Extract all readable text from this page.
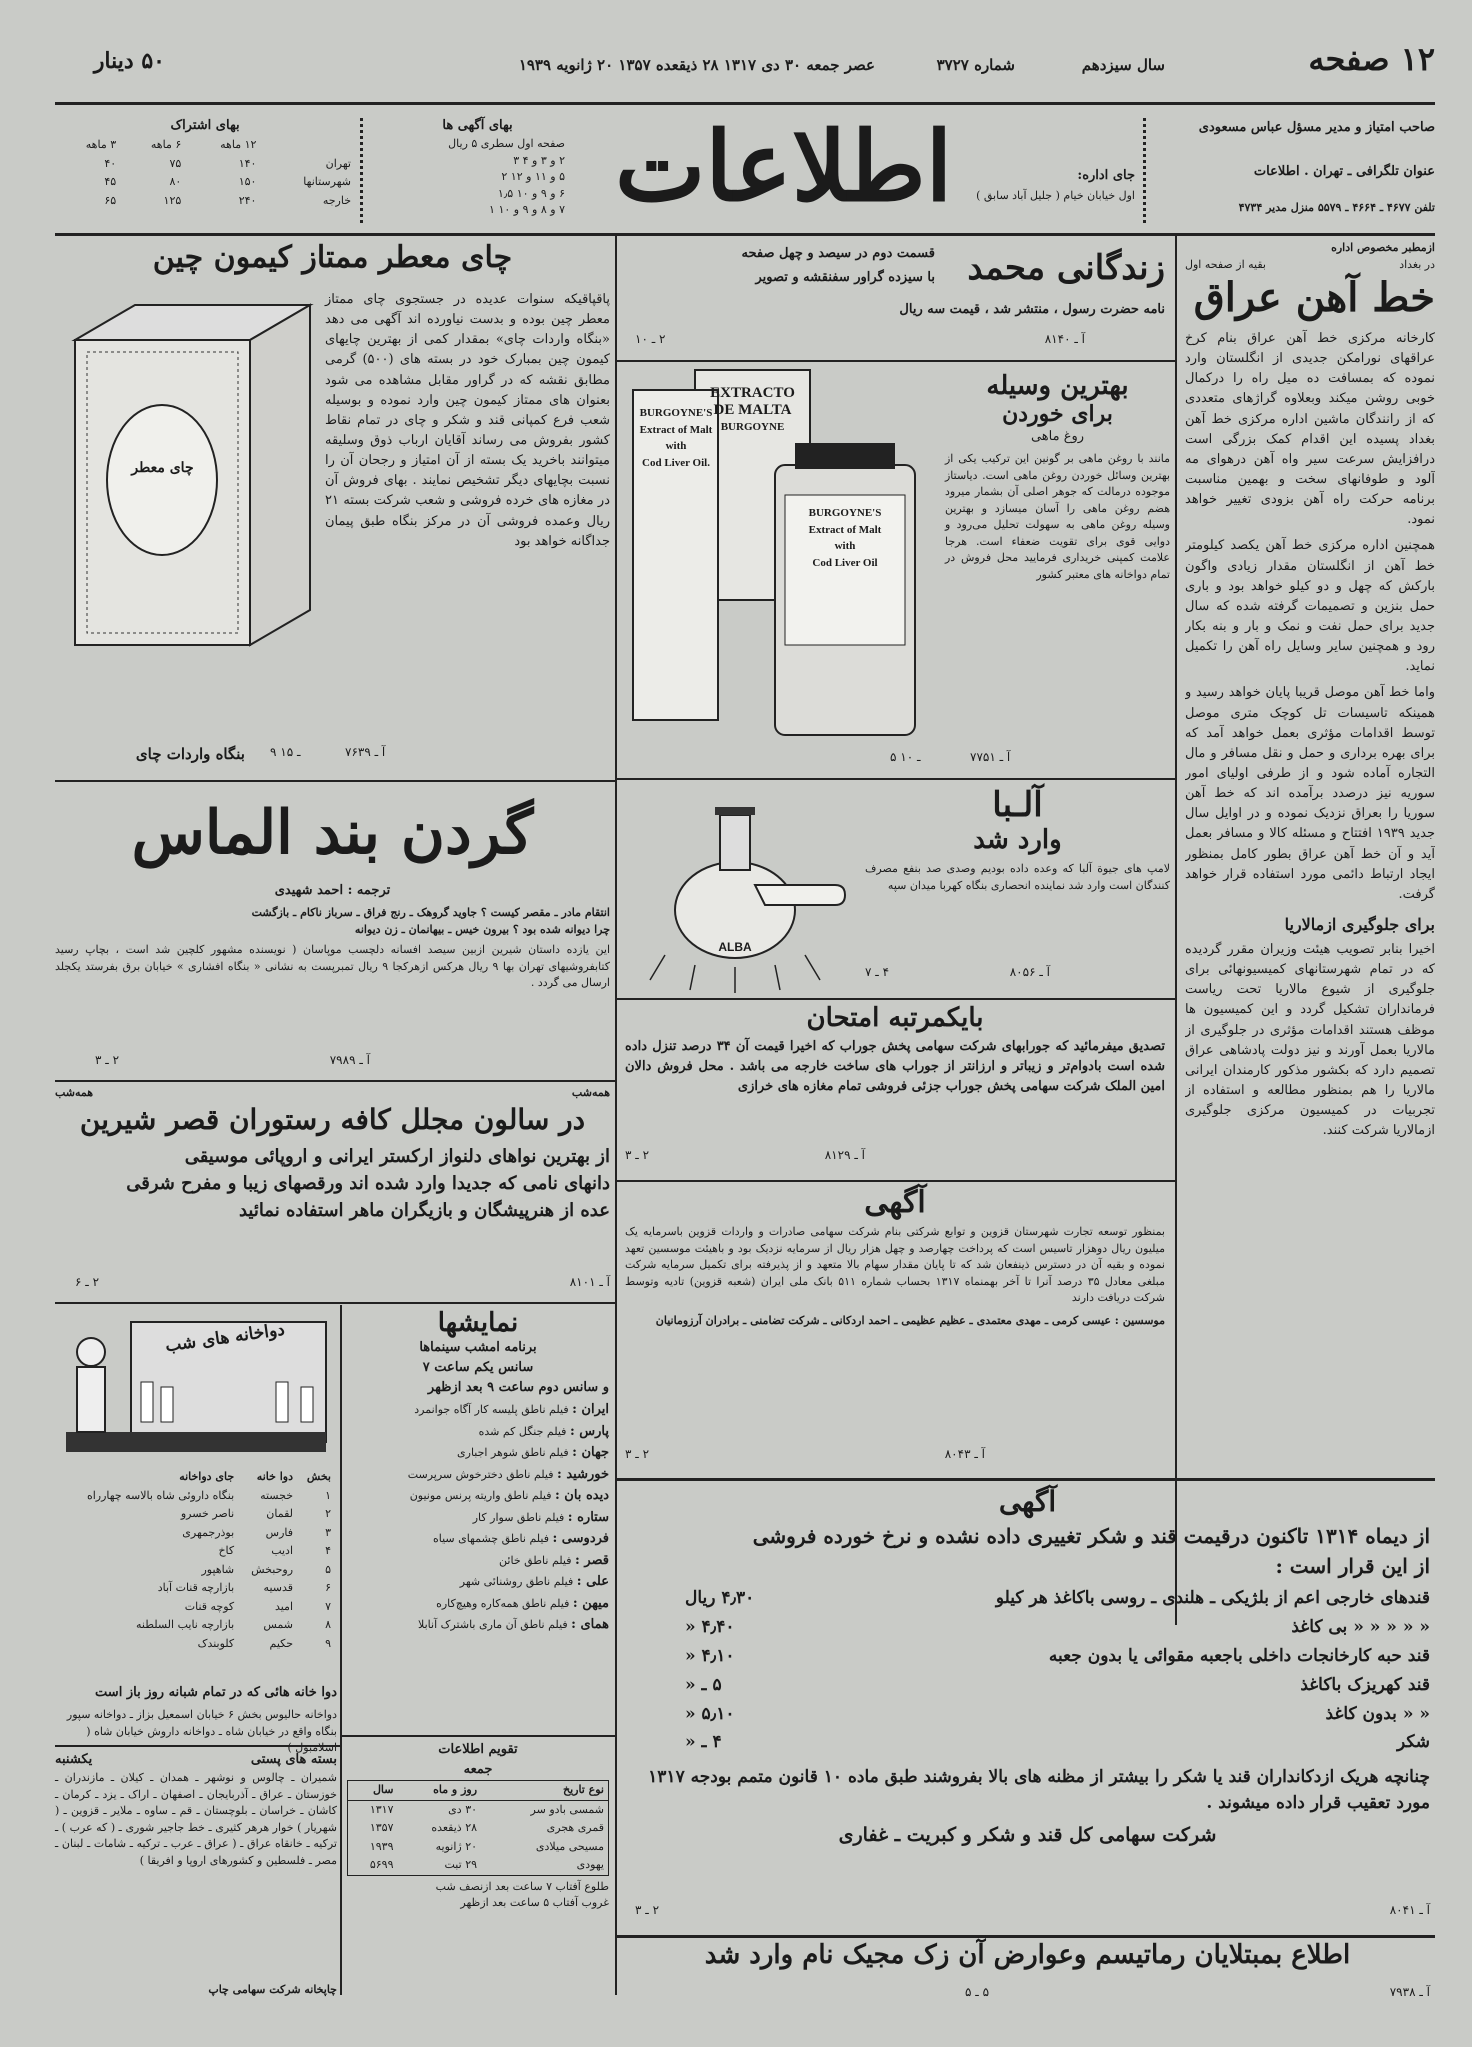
۱۲ صفحه
سال سیزدهم
شماره ۳۷۲۷
عصر جمعه ۳۰ دی ۱۳۱۷ ۲۸ ذیقعده ۱۳۵۷ ۲۰ ژانویه ۱۹۳۹
۵۰ دینار
صاحب امتیاز و مدیر مسؤل عباس مسعودی
عنوان تلگرافی ـ تهران . اطلاعات
تلفن ۴۶۷۷ ـ ۴۶۶۴ ـ ۵۵۷۹ منزل مدیر ۴۷۳۴
جای اداره:
اول خیابان خیام ( جلیل آباد سابق )
اطلاعات
بهای آگهی ها
صفحه اول سطری ۵ ریال
۲ و ۳ و ۴ ۳
۵ و ۱۱ و ۱۲ ۲
۶ و ۹ و ۱۰ ۱٫۵
۷ و ۸ و ۹ و ۱۰ ۱
بهای اشتراک
	۱۲ ماهه	۶ ماهه	۳ ماهه
تهران	۱۴۰	۷۵	۴۰
شهرستانها	۱۵۰	۸۰	۴۵
خارجه	۲۴۰	۱۲۵	۶۵
ازمطبر مخصوص اداره
در بغداد
بقیه از صفحه اول
خط آهن عراق

کارخانه مرکزی خط آهن عراق بنام کرخ عراقهای نورامکن جدیدی از انگلستان وارد نموده که بمسافت ده میل راه را درکمال خوبی روشن میکند وبعلاوه گراژهای متعددی که از رانندگان ماشین اداره مرکزی خط آهن بغداد پسیده این اقدام کمک بزرگی است درافزایش سرعت سیر واه آهن درهوای مه آلود و طوفانهای سخت و بهمین مناسبت برنامه حرکت راه آهن بزودی تغییر خواهد نمود.

همچنین اداره مرکزی خط آهن یکصد کیلومتر خط آهن از انگلستان مقدار زیادی واگون بارکش که چهل و دو کیلو خواهد بود و باری حمل بنزین و تصمیمات گرفته شده که سال جدید برای حمل نفت و نمک و بار و بنه بکار رود و همچنین سایر وسایل راه آهن را تکمیل نماید.

واما خط آهن موصل قریبا پایان خواهد رسید و همینکه تاسیسات تل کوچک متری موصل توسط اقدامات مؤثری بعمل خواهد آمد که برای بهره برداری و حمل و نقل مسافر و مال التجاره آماده شود و از طرفی اولیای امور سوریه نیز درصدد برآمده اند که خط آهن سوریا را بعراق نزدیک نموده و در اوایل سال جدید ۱۹۳۹ افتتاح و مسئله کالا و مسافر بعمل آید و آن خط آهن عراق بطور کامل بمنظور ایجاد ارتباط دائمی مورد استفاده قرار خواهد گرفت.

برای جلوگیری ازمالاریا

اخیرا بنابر تصویب هیئت وزیران مقرر گردیده که در تمام شهرستانهای کمیسیونهائی برای جلوگیری از شیوع مالاریا تحت ریاست فرمانداران تشکیل گردد و این کمیسیون ها موظف هستند اقدامات مؤثری در جلوگیری از مالاریا بعمل آورند و نیز دولت پادشاهی عراق تصمیم دارد که بکشور مذکور کارمندان ایرانی مالاریا را هم بمنظور مطالعه و استفاده از تجربیات در کمیسیون مرکزی جلوگیری ازمالاریا شرکت کنند.

زندگانی محمد
قسمت دوم در سیصد و چهل صفحه
با سیزده گراور سفنقشه و تصویر
نامه حضرت رسول ، منتشر شد ، قیمت سه ریال
آ ـ ۸۱۴۰
۲ ـ ۱۰
BURGOYNE'S
Extract of Malt
with
Cod Liver Oil.
EXTRACTO
DE MALTA
BURGOYNE
BURGOYNE'S
Extract of Malt
with
Cod Liver Oil
بهترین وسیله
برای خوردن
روغ ماهی

مانند با روغن ماهی بر گونین این ترکیب یکی از بهترین وسائل خوردن روغن ماهی است. دیاستاز موجوده درمالت که جوهر اصلی آن بشمار میرود هضم روغن ماهی را آسان میسازد و بهترین وسیله روغن ماهی به سهولت تحلیل می‌رود و دوایی قوی برای تقویت ضعفاء است. هرجا علامت کمپنی خریداری فرمایید محل فروش در تمام دواخانه های معتبر کشور

آ ـ ۷۷۵۱
۵ ـ ۱۰
ALBA
آلـبا
وارد شد

لامپ های جیوة آلبا که وعده داده بودیم وصدی صد بنفع مصرف کنندگان است وارد شد نماینده انحصاری بنگاه کهربا میدان سپه

آ ـ ۸۰۵۶
۴ ـ ۷
بایکمرتبه امتحان

تصدیق میفرمائید که جورابهای شرکت سهامی پخش جوراب که اخیرا قیمت آن ۳۴ درصد تنزل داده شده است بادوام‌تر و زیباتر و ارزانتر از جوراب های ساخت خارجه می باشد . محل فروش دالان امین الملک شرکت سهامی پخش جوراب جزئی فروشی تمام مغازه های خرازی

آ ـ ۸۱۲۹
۲ ـ ۳
آگهی

بمنظور توسعه تجارت شهرستان قزوین و توابع شرکتی بنام شرکت سهامی صادرات و واردات قزوین باسرمایه یک میلیون ریال دوهزار تاسیس است که پرداخت چهارصد و چهل هزار ریال از سرمایه نزدیک بود و باهیئت موسسین تعهد نموده و بقیه آن در دسترس ذینفعان شد که تا پایان مقدار سهام بالا متعهد و از پذیرفته برای تکمیل سرمایه شرکت مبلغی معادل ۳۵ درصد آنرا تا آخر بهمنماه ۱۳۱۷ بحساب شماره ۵۱۱ بانک ملی ایران (شعبه قزوین) تادیه وتوسط شرکت دریافت دارند

موسسین : عیسی کرمی ـ مهدی معتمدی ـ عظیم عظیمی ـ احمد اردکانی ـ شرکت تضامنی ـ برادران آرزومانیان

آ ـ ۸۰۴۳
۲ ـ ۳
چای معطر ممتاز کیمون چین
چای معطر

پاقپاقیکه سنوات عدیده در جستجوی چای ممتاز معطر چین بوده و بدست نیاورده اند آگهی می دهد «بنگاه واردات چای» بمقدار کمی از بهترین چایهای کیمون چین بمبارک خود در بسته های (۵۰۰) گرمی مطابق نقشه که در گراور مقابل مشاهده می شود بعنوان های ممتاز کیمون چین وارد نموده و بوسیله شعب فرع کمپانی قند و شکر و چای در تمام نقاط کشور بفروش می رساند آقایان ارباب ذوق وسلیقه میتوانند باخرید یک بسته از آن امتیاز و رجحان آن را نسبت بچایهای دیگر تشخیص نمایند . بهای فروش آن در مغازه های خرده فروشی و شعب شرکت بسته ۲۱ ریال وعمده فروشی آن در مرکز بنگاه طبق پیمان جداگانه خواهد بود

بنگاه واردات چای	آ ـ ۷۶۳۹
۹ ـ ۱۵
گردن بند الماس
ترجمه : احمد شهیدی
انتقام مادر ـ مقصر کیست ؟ جاوید گروهک ـ رنج فراق ـ سرباز ناکام ـ بازگشت
چرا دیوانه شده بود ؟ بیرون خیس ـ بیهانمان ـ زن دیوانه

این یازده داستان شیرین ازبین سیصد افسانه دلچسب موپاسان ( نویسنده مشهور کلچین شد است ، بچاپ رسید کتابفروشیهای تهران بها ۹ ریال هرکس ازهرکجا ۹ ریال تمبرپست به نشانی « بنگاه افشاری » خیابان برق بفرستد یکجلد ارسال می گردد .

آ ـ ۷۹۸۹
۲ ـ ۳
همه‌شب	همه‌شب
در سالون مجلل کافه رستوران قصر شیرین
از بهترین نواهای دلنواز ارکستر ایرانی و اروپائی موسیقی
دانهای نامی که جدیدا وارد شده اند ورقصهای زیبا و مفرح شرقی
عده از هنرپیشگان و بازیگران ماهر استفاده نمائید
آ ـ ۸۱۰۱
۲ ـ ۶
نمایشها
برنامه امشب سینماها
سانس یکم ساعت ۷
و سانس دوم ساعت ۹ بعد ازظهر
ایران : فیلم ناطق پلیسه کار آگاه جوانمرد
پارس : فیلم جنگل کم شده
جهان : فیلم ناطق شوهر اجباری
خورشید : فیلم ناطق دخترخوش سرپرست
دیده بان : فیلم ناطق واریته پرنس مونیون
ستاره : فیلم ناطق سوار کار
فردوسی : فیلم ناطق چشمهای سیاه
قصر : فیلم ناطق خائن
علی : فیلم ناطق روشنائی شهر
میهن : فیلم ناطق همه‌کاره وهیچ‌کاره
همای : فیلم ناطق آن ماری باشترک آنابلا
دواخانه های شب
بخش	دوا خانه	جای دواخانه
۱	خجسته	بنگاه داروئی شاه بالاسه چهارراه
۲	لقمان	ناصر خسرو
۳	فارس	بوذرجمهری
۴	ادیب	کاخ
۵	روحبخش	شاهپور
۶	قدسیه	بازارچه قنات آباد
۷	امید	کوچه قنات
۸	شمس	بازارچه نایب السلطنه
۹	حکیم	کلوبندک
دوا خانه هائی که در تمام شبانه روز باز است

دواخانه حالیوس بخش ۶ خیابان اسمعیل بزاز ـ دواخانه سپور بنگاه واقع در خیابان شاه ـ دواخانه داروش خیابان شاه ( اسلامبول )	تقویم اطلاعات
جمعه
نوع تاریخ	روز و ماه	سال
شمسی بادو سر	۳۰ دی	۱۳۱۷
قمری هجری	۲۸ ذیقعده	۱۳۵۷
مسیحی میلادی	۲۰ ژانویه	۱۹۳۹
یهودی	۲۹ تبت	۵۶۹۹
طلوع آفتاب ۷ ساعت بعد ازنصف شب
غروب آفتاب ۵ ساعت بعد ازظهر
بسته های پستی
یکشنبه

شمیران ـ چالوس و نوشهر ـ همدان ـ کیلان ـ مازندران ـ خوزستان ـ عراق ـ آذربایجان ـ اصفهان ـ اراک ـ یزد ـ کرمان ـ کاشان ـ خراسان ـ بلوچستان ـ قم ـ ساوه ـ ملایر ـ قزوین ـ ( شهریار ) خوار هرهر کثیری ـ خط جاجیر شوری ـ ( که عرب ) ـ ترکیه ـ خانقاه عراق ـ ( عراق ـ عرب ـ ترکیه ـ شامات ـ لبنان ـ مصر ـ فلسطین و کشورهای اروپا و افریقا )

چاپخانه شرکت سهامی چاپ
آگهی
از دیماه ۱۳۱۴ تاکنون درقیمت قند و شکر تغییری داده نشده و نرخ خورده فروشی
از این قرار است :
قندهای خارجی اعم از بلژیکی ـ هلندی ـ روسی باکاغذ هر کیلو
۴٫۳۰ ریال
« « « « « بی کاغذ
۴٫۴۰ «
قند حبه کارخانجات داخلی باجعبه مقوائی یا بدون جعبه
۴٫۱۰ «
قند کهریزک باکاغذ
۵ ـ «
« « بدون کاغذ
۵٫۱۰ «
شکر
۴ ـ «
چنانچه هریک ازدکانداران قند یا شکر را بیشتر از مظنه های بالا بفروشند طبق ماده ۱۰ قانون متمم بودجه ۱۳۱۷ مورد تعقیب قرار داده میشوند .
شرکت سهامی کل قند و شکر و کبریت ـ غفاری
آ ـ ۸۰۴۱
۲ ـ ۳
اطلاع بمبتلایان رماتیسم وعوارض آن زک مجیک نام وارد شد
آ ـ ۷۹۳۸
۵ ـ ۵
